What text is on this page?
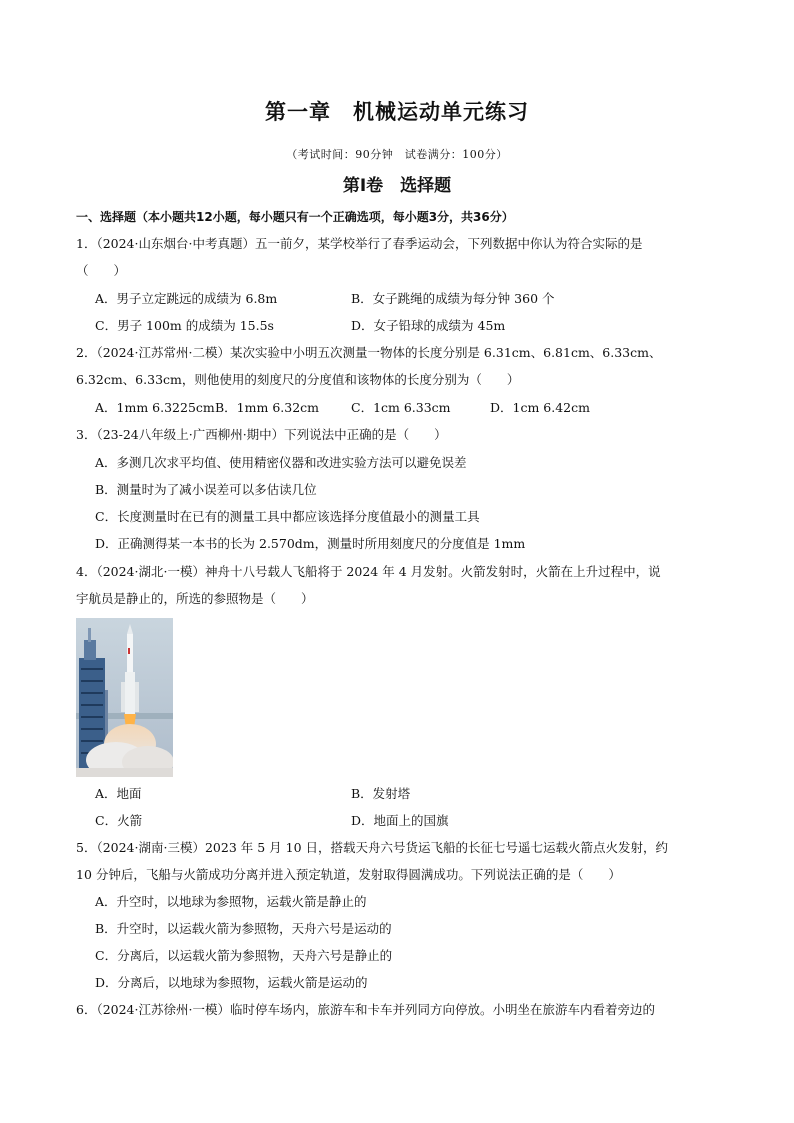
第一章　机械运动单元练习
（考试时间：90分钟　试卷满分：100分）
第Ⅰ卷　选择题
一、选择题（本小题共12小题，每小题只有一个正确选项，每小题3分，共36分）
1．（2024·山东烟台·中考真题）五一前夕，某学校举行了春季运动会，下列数据中你认为符合实际的是
（　　）
A．男子立定跳远的成绩为 6.8m	B．女子跳绳的成绩为每分钟 360 个
C．男子 100m 的成绩为 15.5s	D．女子铅球的成绩为 45m
2．（2024·江苏常州·二模）某次实验中小明五次测量一物体的长度分别是 6.31cm、6.81cm、6.33cm、
6.32cm、6.33cm，则他使用的刻度尺的分度值和该物体的长度分别为（　　）
A．1mm 6.3225cm B．1mm 6.32cm	C．1cm 6.33cm	D．1cm 6.42cm
3．（23-24八年级上·广西柳州·期中）下列说法中正确的是（　　）
A．多测几次求平均值、使用精密仪器和改进实验方法可以避免误差
B．测量时为了减小误差可以多估读几位
C．长度测量时在已有的测量工具中都应该选择分度值最小的测量工具
D．正确测得某一本书的长为 2.570dm，测量时所用刻度尺的分度值是 1mm
4．（2024·湖北·一模）神舟十八号载人飞船将于 2024 年 4 月发射。火箭发射时，火箭在上升过程中，说
宇航员是静止的，所选的参照物是（　　）
A．地面	B．发射塔
C．火箭	D．地面上的国旗
5．（2024·湖南·三模）2023 年 5 月 10 日，搭载天舟六号货运飞船的长征七号遥七运载火箭点火发射，约
10 分钟后，飞船与火箭成功分离并进入预定轨道，发射取得圆满成功。下列说法正确的是（　　）
A．升空时，以地球为参照物，运载火箭是静止的
B．升空时，以运载火箭为参照物，天舟六号是运动的
C．分离后，以运载火箭为参照物，天舟六号是静止的
D．分离后，以地球为参照物，运载火箭是运动的
6．（2024·江苏徐州·一模）临时停车场内，旅游车和卡车并列同方向停放。小明坐在旅游车内看着旁边的
